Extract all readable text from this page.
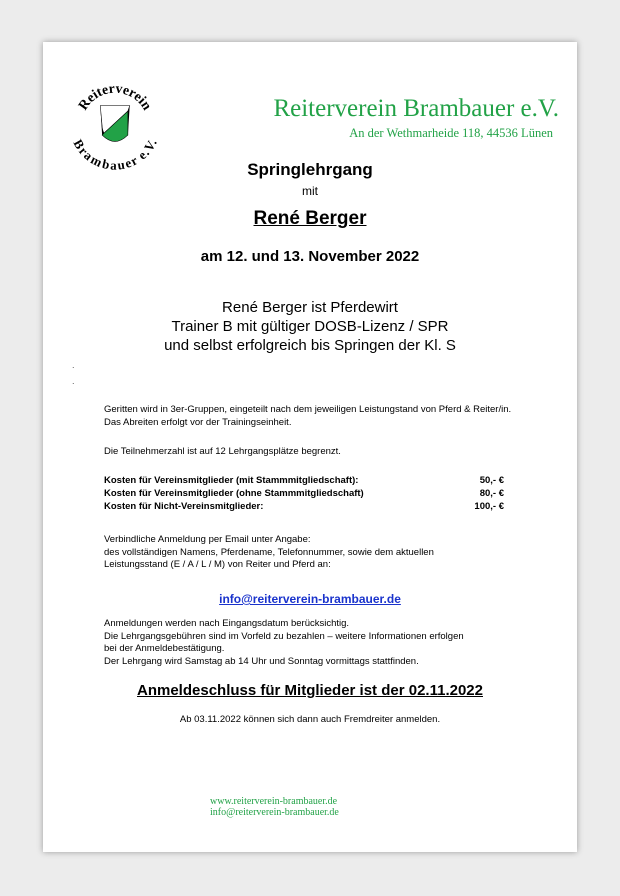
Reiterverein
Brambauer e.V.
Reiterverein Brambauer e.V.
An der Wethmarheide 118, 44536 Lünen
Springlehrgang
mit
René Berger
am 12. und 13. November 2022
René Berger ist Pferdewirt
Trainer B mit gültiger DOSB-Lizenz / SPR
und selbst erfolgreich bis Springen der Kl. S
.
.
Geritten wird in 3er-Gruppen, eingeteilt nach dem jeweiligen Leistungstand von Pferd & Reiter/in. Das Abreiten erfolgt vor der Trainingseinheit.
Die Teilnehmerzahl ist auf 12 Lehrgangsplätze begrenzt.
Kosten für Vereinsmitglieder (mit Stammmitgliedschaft):	50,- €
Kosten für Vereinsmitglieder (ohne Stammmitgliedschaft)	80,- €
Kosten für Nicht-Vereinsmitglieder:	100,- €
Verbindliche Anmeldung per Email unter Angabe:
des vollständigen Namens, Pferdename, Telefonnummer, sowie dem aktuellen
Leistungsstand (E / A / L / M) von Reiter und Pferd an:
info@reiterverein-brambauer.de
Anmeldungen werden nach Eingangsdatum berücksichtig.
Die Lehrgangsgebühren sind im Vorfeld zu bezahlen – weitere Informationen erfolgen
bei der Anmeldebestätigung.
Der Lehrgang wird Samstag ab 14 Uhr und Sonntag vormittags stattfinden.
Anmeldeschluss für Mitglieder ist der 02.11.2022
Ab 03.11.2022 können sich dann auch Fremdreiter anmelden.
www.reiterverein-brambauer.de
info@reiterverein-brambauer.de
